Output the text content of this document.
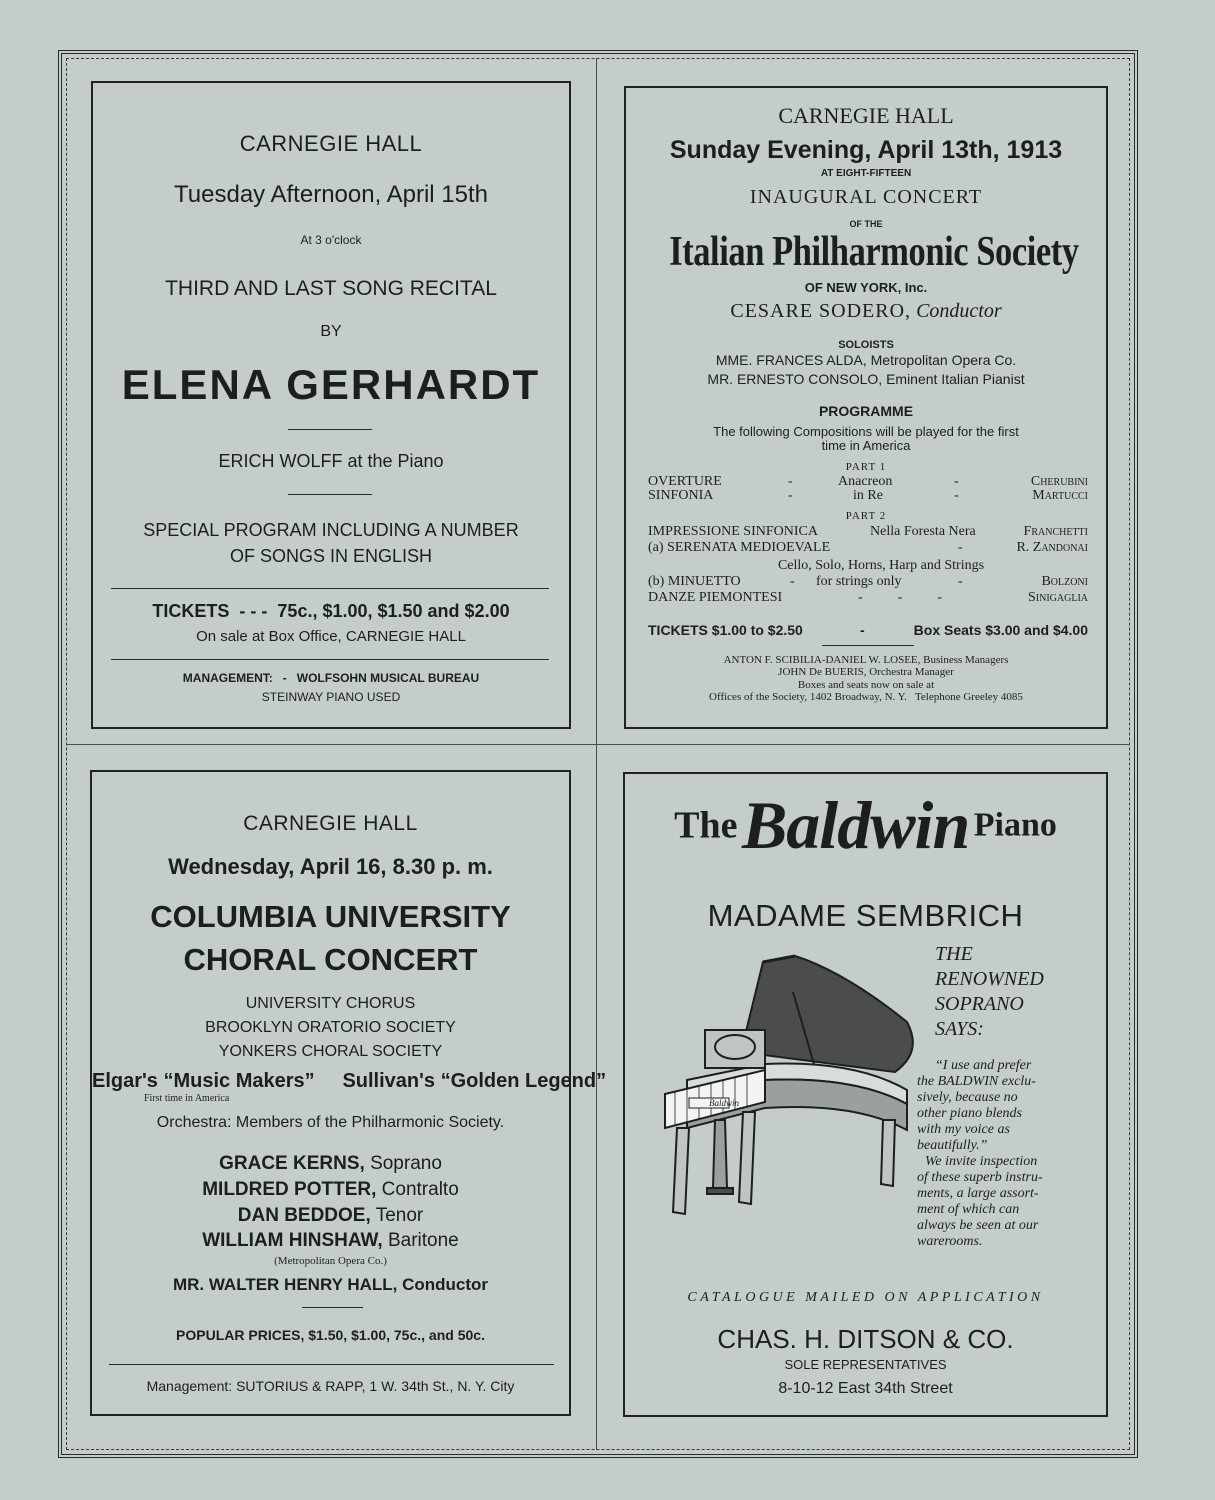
CARNEGIE HALL
Tuesday Afternoon, April 15th
At 3 o'clock
THIRD AND LAST SONG RECITAL
BY
ELENA GERHARDT
ERICH WOLFF at the Piano
SPECIAL PROGRAM INCLUDING A NUMBER
OF SONGS IN ENGLISH
TICKETS - - - 75c., $1.00, $1.50 and $2.00
On sale at Box Office, CARNEGIE HALL
MANAGEMENT:   -   WOLFSOHN MUSICAL BUREAU
STEINWAY PIANO USED
CARNEGIE HALL
Sunday Evening, April 13th, 1913
AT EIGHT-FIFTEEN
INAUGURAL CONCERT
OF THE
Italian Philharmonic Society
OF NEW YORK, Inc.
CESARE SODERO, Conductor
SOLOISTS
MME. FRANCES ALDA, Metropolitan Opera Co.
MR. ERNESTO CONSOLO, Eminent Italian Pianist
PROGRAMME
The following Compositions will be played for the first
time in America
PART 1
OVERTURE	-	Anacreon	-	Cherubini
SINFONIA	-	in Re	-	Martucci
PART 2
IMPRESSIONE SINFONICA	Nella Foresta Nera	Franchetti
(a) SERENATA MEDIOEVALE	-	R. Zandonai
Cello, Solo, Horns, Harp and Strings
(b) MINUETTO	- for strings only	-	Bolzoni
DANZE PIEMONTESI	-          -          -	Sinigaglia
TICKETS $1.00 to $2.50	-	Box Seats $3.00 and $4.00
ANTON F. SCIBILIA-DANIEL W. LOSEE, Business Managers
JOHN De BUERIS, Orchestra Manager
Boxes and seats now on sale at
Offices of the Society, 1402 Broadway, N. Y.   Telephone Greeley 4085
CARNEGIE HALL
Wednesday, April 16, 8.30 p. m.
COLUMBIA UNIVERSITY
CHORAL CONCERT
UNIVERSITY CHORUS
BROOKLYN ORATORIO SOCIETY
YONKERS CHORAL SOCIETY
Elgar's “Music Makers” Sullivan's “Golden Legend”
First time in America
Orchestra: Members of the Philharmonic Society.
GRACE KERNS, Soprano
MILDRED POTTER, Contralto
DAN BEDDOE, Tenor
WILLIAM HINSHAW, Baritone
(Metropolitan Opera Co.)
MR. WALTER HENRY HALL, Conductor
POPULAR PRICES, $1.50, $1.00, 75c., and 50c.
Management: SUTORIUS & RAPP, 1 W. 34th St., N. Y. City
The Baldwin Piano
MADAME SEMBRICH
Baldwin
THE
RENOWNED
SOPRANO
SAYS:
“I use and prefer
the BALDWIN exclu-
sively, because no
other piano blends
with my voice as
beautifully.”
We invite inspection
of these superb instru-
ments, a large assort-
ment of which can
always be seen at our
warerooms.
CATALOGUE MAILED ON APPLICATION
CHAS. H. DITSON & CO.
SOLE REPRESENTATIVES
8-10-12 East 34th Street
